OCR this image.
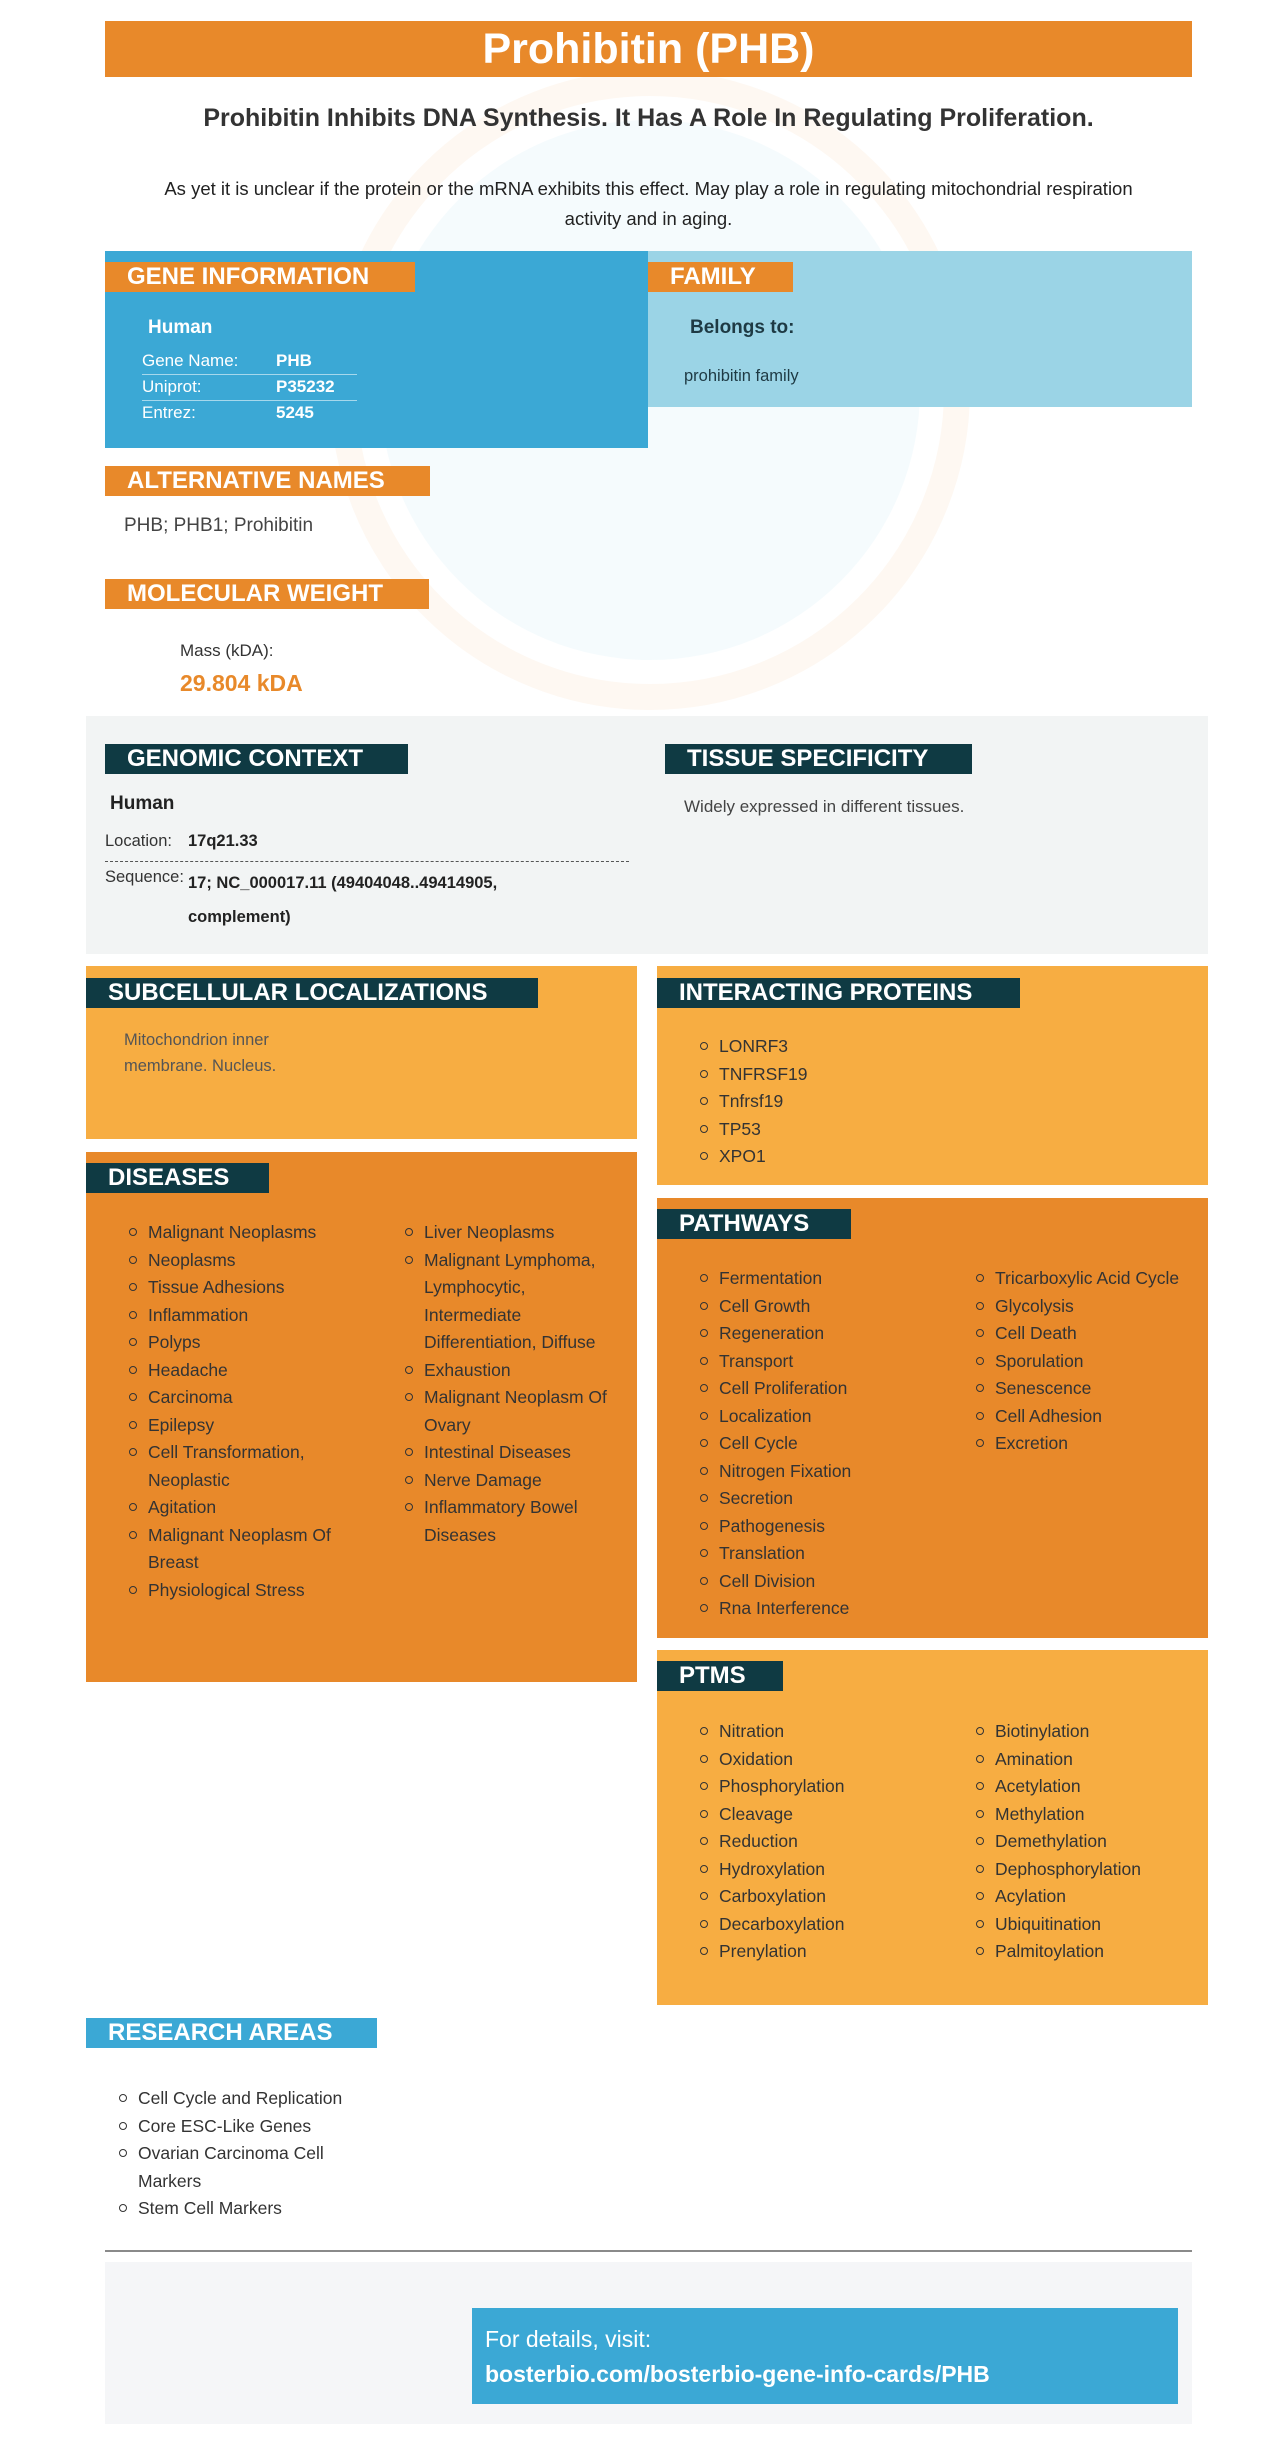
Prohibitin (PHB)
Prohibitin Inhibits DNA Synthesis. It Has A Role In Regulating Proliferation.
As yet it is unclear if the protein or the mRNA exhibits this effect. May play a role in regulating mitochondrial respiration activity and in aging.
GENE INFORMATION
Human
Gene Name: PHB
Uniprot:	P35232
Entrez:	5245
FAMILY
Belongs to:
prohibitin family
ALTERNATIVE NAMES
PHB; PHB1; Prohibitin
MOLECULAR WEIGHT
Mass (kDA):
29.804 kDA
GENOMIC CONTEXT
Human
Location: 17q21.33
Sequence: 17; NC_000017.11 (49404048..49414905, complement)
TISSUE SPECIFICITY
Widely expressed in different tissues.
SUBCELLULAR LOCALIZATIONS
Mitochondrion inner membrane. Nucleus.
INTERACTING PROTEINS
LONRF3
TNFRSF19
Tnfrsf19
TP53
XPO1
DISEASES
Malignant Neoplasms
Neoplasms
Tissue Adhesions
Inflammation
Polyps
Headache
Carcinoma
Epilepsy
Cell Transformation, Neoplastic
Agitation
Malignant Neoplasm Of Breast
Physiological Stress
Liver Neoplasms
Malignant Lymphoma, Lymphocytic, Intermediate Differentiation, Diffuse
Exhaustion
Malignant Neoplasm Of Ovary
Intestinal Diseases
Nerve Damage
Inflammatory Bowel Diseases
PATHWAYS
Fermentation
Cell Growth
Regeneration
Transport
Cell Proliferation
Localization
Cell Cycle
Nitrogen Fixation
Secretion
Pathogenesis
Translation
Cell Division
Rna Interference
Tricarboxylic Acid Cycle
Glycolysis
Cell Death
Sporulation
Senescence
Cell Adhesion
Excretion
PTMS
Nitration
Oxidation
Phosphorylation
Cleavage
Reduction
Hydroxylation
Carboxylation
Decarboxylation
Prenylation
Biotinylation
Amination
Acetylation
Methylation
Demethylation
Dephosphorylation
Acylation
Ubiquitination
Palmitoylation
RESEARCH AREAS
Cell Cycle and Replication
Core ESC-Like Genes
Ovarian Carcinoma Cell Markers
Stem Cell Markers
For details, visit:
bosterbio.com/bosterbio-gene-info-cards/PHB
